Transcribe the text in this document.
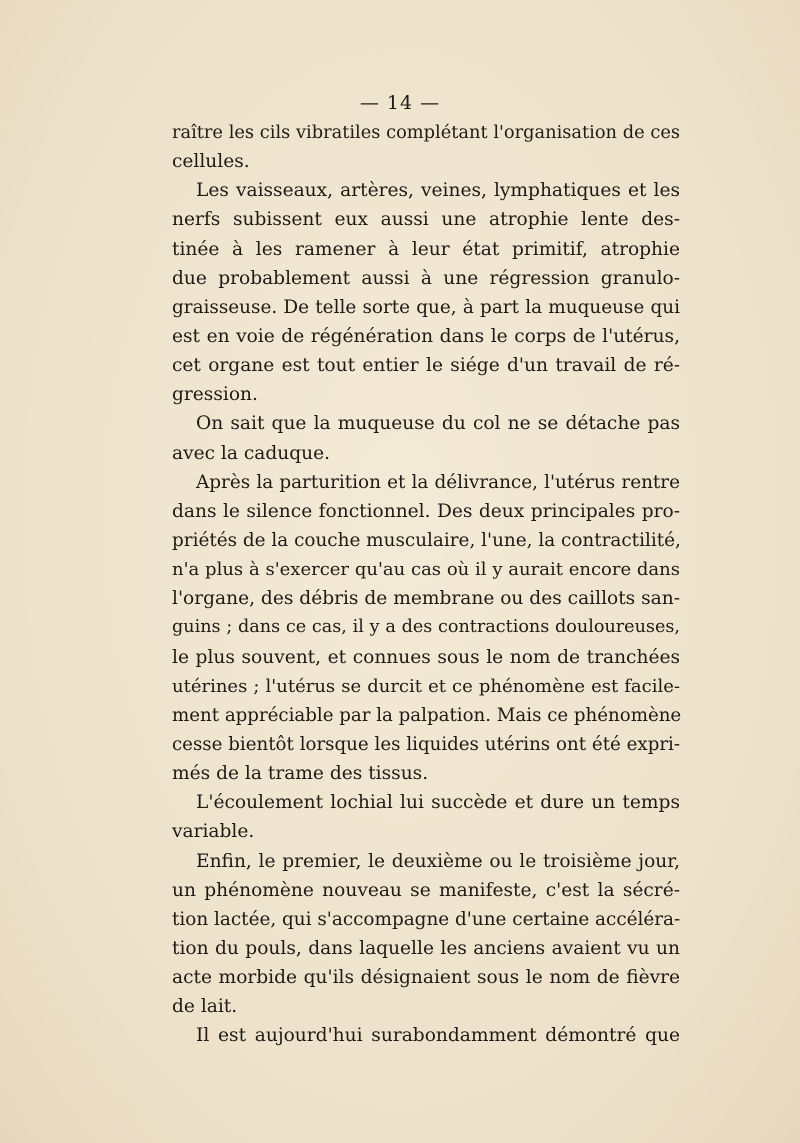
— 14 —
raître les cils vibratiles complétant l'organisation de ces
cellules.
Les vaisseaux, artères, veines, lymphatiques et les
nerfs subissent eux aussi une atrophie lente des-
tinée à les ramener à leur état primitif, atrophie
due probablement aussi à une régression granulo-
graisseuse. De telle sorte que, à part la muqueuse qui
est en voie de régénération dans le corps de l'utérus,
cet organe est tout entier le siége d'un travail de ré-
gression.
On sait que la muqueuse du col ne se détache pas
avec la caduque.
Après la parturition et la délivrance, l'utérus rentre
dans le silence fonctionnel. Des deux principales pro-
priétés de la couche musculaire, l'une, la contractilité,
n'a plus à s'exercer qu'au cas où il y aurait encore dans
l'organe, des débris de membrane ou des caillots san-
guins ; dans ce cas, il y a des contractions douloureuses,
le plus souvent, et connues sous le nom de tranchées
utérines ; l'utérus se durcit et ce phénomène est facile-
ment appréciable par la palpation. Mais ce phénomène
cesse bientôt lorsque les liquides utérins ont été expri-
més de la trame des tissus.
L'écoulement lochial lui succède et dure un temps
variable.
Enfin, le premier, le deuxième ou le troisième jour,
un phénomène nouveau se manifeste, c'est la sécré-
tion lactée, qui s'accompagne d'une certaine accéléra-
tion du pouls, dans laquelle les anciens avaient vu un
acte morbide qu'ils désignaient sous le nom de fièvre
de lait.
Il est aujourd'hui surabondamment démontré que
